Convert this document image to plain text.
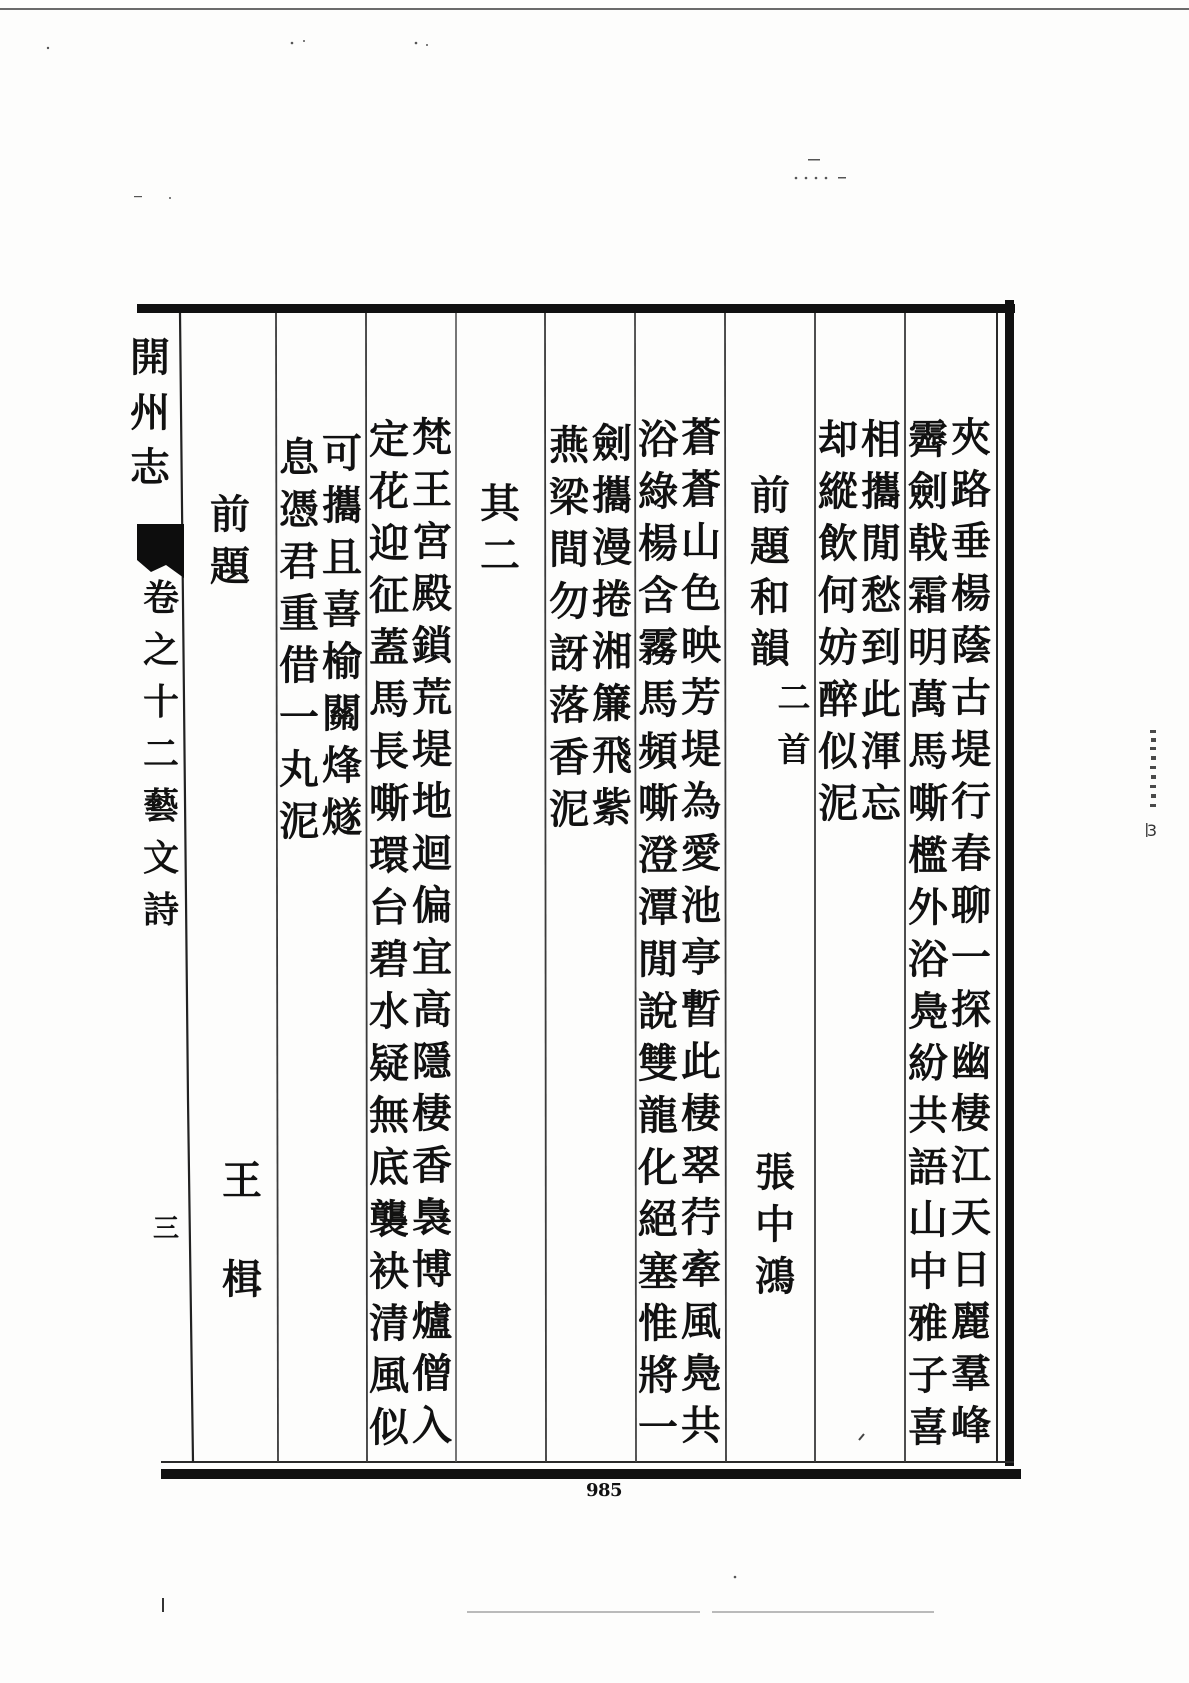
開
州
志
卷
之
十
二
藝
文
詩
三
夾
路
垂
楊
蔭
古
堤
行
春
聊
一
探
幽
棲
江
天
日
麗
羣
峰
霽
劍
戟
霜
明
萬
馬
嘶
檻
外
浴
鳧
紛
共
語
山
中
雅
子
喜
相
攜
閒
愁
到
此
渾
忘
却
縱
飲
何
妨
醉
似
泥
前
題
和
韻
二
首
張
中
鴻
蒼
蒼
山
色
映
芳
堤
為
愛
池
亭
暫
此
棲
翠
荇
牽
風
鳧
共
浴
綠
楊
含
霧
馬
頻
嘶
澄
潭
閒
說
雙
龍
化
絕
塞
惟
將
一
劍
攜
漫
捲
湘
簾
飛
紫
燕
梁
間
勿
訝
落
香
泥
其
二
梵
王
宮
殿
鎖
荒
堤
地
迴
偏
宜
高
隱
棲
香
裊
博
爐
僧
入
定
花
迎
征
蓋
馬
長
嘶
環
台
碧
水
疑
無
底
襲
袂
清
風
似
可
攜
且
喜
榆
關
烽
燧
息
憑
君
重
借
一
丸
泥
前
題
王
楫
985
3
